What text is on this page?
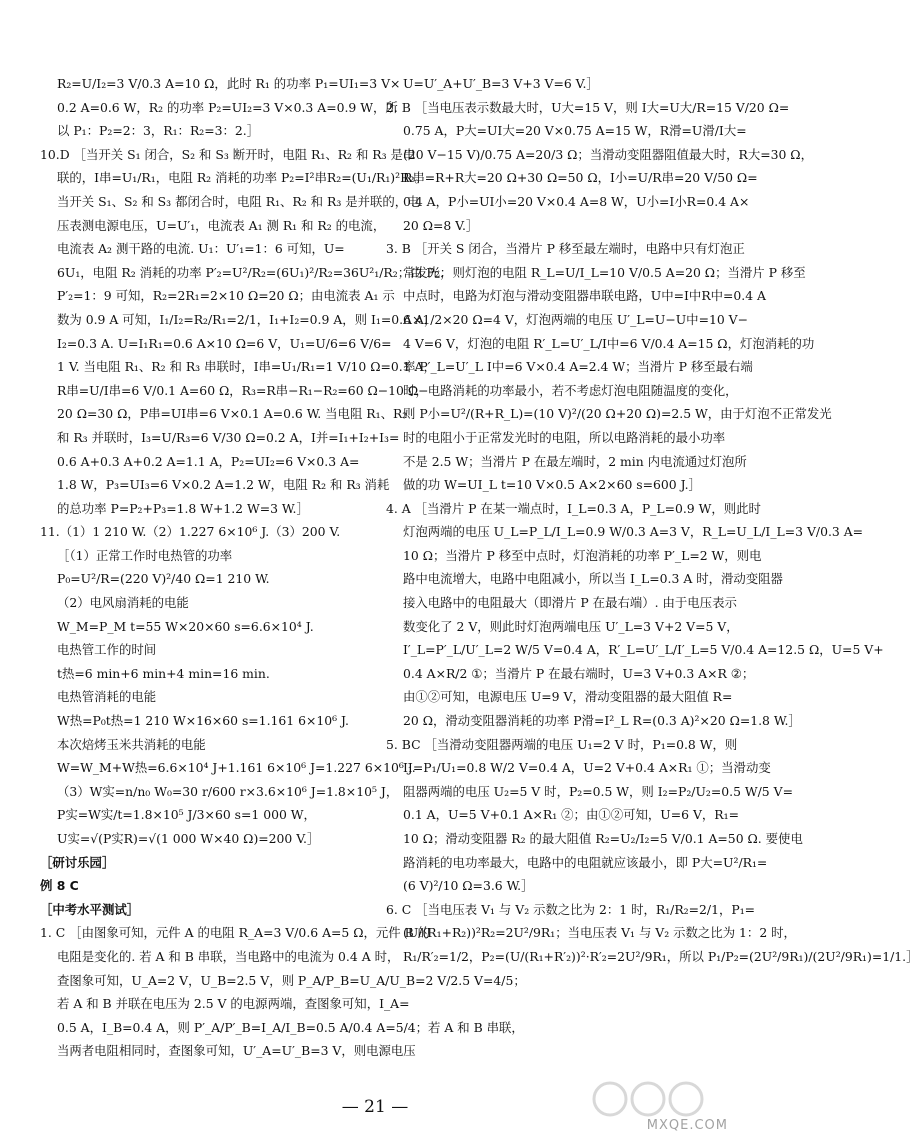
R₂=U/I₂=3 V/0.3 A=10 Ω，此时 R₁ 的功率 P₁=UI₁=3 V×
0.2 A=0.6 W，R₂ 的功率 P₂=UI₂=3 V×0.3 A=0.9 W，所
以 P₁：P₂=2：3，R₁：R₂=3：2.］
10.D ［当开关 S₁ 闭合，S₂ 和 S₃ 断开时，电阻 R₁、R₂ 和 R₃ 是串
联的，I串=U₁/R₁，电阻 R₂ 消耗的功率 P₂=I²串R₂=(U₁/R₁)²R₂。
当开关 S₁、S₂ 和 S₃ 都闭合时，电阻 R₁、R₂ 和 R₃ 是并联的，电
压表测电源电压，U=U′₁，电流表 A₁ 测 R₁ 和 R₂ 的电流，
电流表 A₂ 测干路的电流. U₁：U′₁=1：6 可知，U=
6U₁，电阻 R₂ 消耗的功率 P′₂=U²/R₂=(6U₁)²/R₂=36U²₁/R₂；由 P₂：
P′₂=1：9 可知，R₂=2R₁=2×10 Ω=20 Ω；由电流表 A₁ 示
数为 0.9 A 可知，I₁/I₂=R₂/R₁=2/1，I₁+I₂=0.9 A，则 I₁=0.6 A，
I₂=0.3 A. U=I₁R₁=0.6 A×10 Ω=6 V，U₁=U/6=6 V/6=
1 V. 当电阻 R₁、R₂ 和 R₃ 串联时，I串=U₁/R₁=1 V/10 Ω=0.1 A，
R串=U/I串=6 V/0.1 A=60 Ω，R₃=R串−R₁−R₂=60 Ω−10 Ω−
20 Ω=30 Ω，P串=UI串=6 V×0.1 A=0.6 W. 当电阻 R₁、R₂
和 R₃ 并联时，I₃=U/R₃=6 V/30 Ω=0.2 A，I并=I₁+I₂+I₃=
0.6 A+0.3 A+0.2 A=1.1 A，P₂=UI₂=6 V×0.3 A=
1.8 W，P₃=UI₃=6 V×0.2 A=1.2 W，电阻 R₂ 和 R₃ 消耗
的总功率 P=P₂+P₃=1.8 W+1.2 W=3 W.］
11.（1）1 210 W.（2）1.227 6×10⁶ J.（3）200 V.
［（1）正常工作时电热管的功率
P₀=U²/R=(220 V)²/40 Ω=1 210 W.
（2）电风扇消耗的电能
W_M=P_M t=55 W×20×60 s=6.6×10⁴ J.
电热管工作的时间
t热=6 min+6 min+4 min=16 min.
电热管消耗的电能
W热=P₀t热=1 210 W×16×60 s=1.161 6×10⁶ J.
本次焙烤玉米共消耗的电能
W=W_M+W热=6.6×10⁴ J+1.161 6×10⁶ J=1.227 6×10⁶ J.
（3）W实=n/n₀ W₀=30 r/600 r×3.6×10⁶ J=1.8×10⁵ J，
P实=W实/t=1.8×10⁵ J/3×60 s=1 000 W，
U实=√(P实R)=√(1 000 W×40 Ω)=200 V.］
［研讨乐园］
例 8 C
［中考水平测试］
1. C ［由图象可知，元件 A 的电阻 R_A=3 V/0.6 A=5 Ω，元件 B 的
电阻是变化的. 若 A 和 B 串联，当电路中的电流为 0.4 A 时，
查图象可知，U_A=2 V，U_B=2.5 V，则 P_A/P_B=U_A/U_B=2 V/2.5 V=4/5；
若 A 和 B 并联在电压为 2.5 V 的电源两端，查图象可知，I_A=
0.5 A，I_B=0.4 A，则 P′_A/P′_B=I_A/I_B=0.5 A/0.4 A=5/4；若 A 和 B 串联，
当两者电阻相同时，查图象可知，U′_A=U′_B=3 V，则电源电压
U=U′_A+U′_B=3 V+3 V=6 V.］
2. B ［当电压表示数最大时，U大=15 V，则 I大=U大/R=15 V/20 Ω=
0.75 A，P大=UI大=20 V×0.75 A=15 W，R滑=U滑/I大=
(20 V−15 V)/0.75 A=20/3 Ω；当滑动变阻器阻值最大时，R大=30 Ω，
R串=R+R大=20 Ω+30 Ω=50 Ω，I小=U/R串=20 V/50 Ω=
0.4 A，P小=UI小=20 V×0.4 A=8 W，U小=I小R=0.4 A×
20 Ω=8 V.］
3. B ［开关 S 闭合，当滑片 P 移至最左端时，电路中只有灯泡正
常发光，则灯泡的电阻 R_L=U/I_L=10 V/0.5 A=20 Ω；当滑片 P 移至
中点时，电路为灯泡与滑动变阻器串联电路，U中=I中R中=0.4 A
A×1/2×20 Ω=4 V，灯泡两端的电压 U′_L=U−U中=10 V−
4 V=6 V，灯泡的电阻 R′_L=U′_L/I中=6 V/0.4 A=15 Ω，灯泡消耗的功
率 P′_L=U′_L I中=6 V×0.4 A=2.4 W；当滑片 P 移至最右端
时，电路消耗的功率最小，若不考虑灯泡电阻随温度的变化，
则 P小=U²/(R+R_L)=(10 V)²/(20 Ω+20 Ω)=2.5 W，由于灯泡不正常发光
时的电阻小于正常发光时的电阻，所以电路消耗的最小功率
不是 2.5 W；当滑片 P 在最左端时，2 min 内电流通过灯泡所
做的功 W=UI_L t=10 V×0.5 A×2×60 s=600 J.］
4. A ［当滑片 P 在某一端点时，I_L=0.3 A，P_L=0.9 W，则此时
灯泡两端的电压 U_L=P_L/I_L=0.9 W/0.3 A=3 V，R_L=U_L/I_L=3 V/0.3 A=
10 Ω；当滑片 P 移至中点时，灯泡消耗的功率 P′_L=2 W，则电
路中电流增大，电路中电阻减小，所以当 I_L=0.3 A 时，滑动变阻器
接入电路中的电阻最大（即滑片 P 在最右端）. 由于电压表示
数变化了 2 V，则此时灯泡两端电压 U′_L=3 V+2 V=5 V，
I′_L=P′_L/U′_L=2 W/5 V=0.4 A，R′_L=U′_L/I′_L=5 V/0.4 A=12.5 Ω，U=5 V+
0.4 A×R/2 ①；当滑片 P 在最右端时，U=3 V+0.3 A×R ②；
由①②可知，电源电压 U=9 V，滑动变阻器的最大阻值 R=
20 Ω，滑动变阻器消耗的功率 P滑=I²_L R=(0.3 A)²×20 Ω=1.8 W.］
5. BC ［当滑动变阻器两端的电压 U₁=2 V 时，P₁=0.8 W，则
I₁=P₁/U₁=0.8 W/2 V=0.4 A，U=2 V+0.4 A×R₁ ①；当滑动变
阻器两端的电压 U₂=5 V 时，P₂=0.5 W，则 I₂=P₂/U₂=0.5 W/5 V=
0.1 A，U=5 V+0.1 A×R₁ ②；由①②可知，U=6 V，R₁=
10 Ω；滑动变阻器 R₂ 的最大阻值 R₂=U₂/I₂=5 V/0.1 A=50 Ω. 要使电
路消耗的电功率最大，电路中的电阻就应该最小，即 P大=U²/R₁=
(6 V)²/10 Ω=3.6 W.］
6. C ［当电压表 V₁ 与 V₂ 示数之比为 2：1 时，R₁/R₂=2/1，P₁=
(U/(R₁+R₂))²R₂=2U²/9R₁；当电压表 V₁ 与 V₂ 示数之比为 1：2 时，
R₁/R′₂=1/2，P₂=(U/(R₁+R′₂))²·R′₂=2U²/9R₁，所以 P₁/P₂=(2U²/9R₁)/(2U²/9R₁)=1/1.］
— 21 —
MXQE.COM
